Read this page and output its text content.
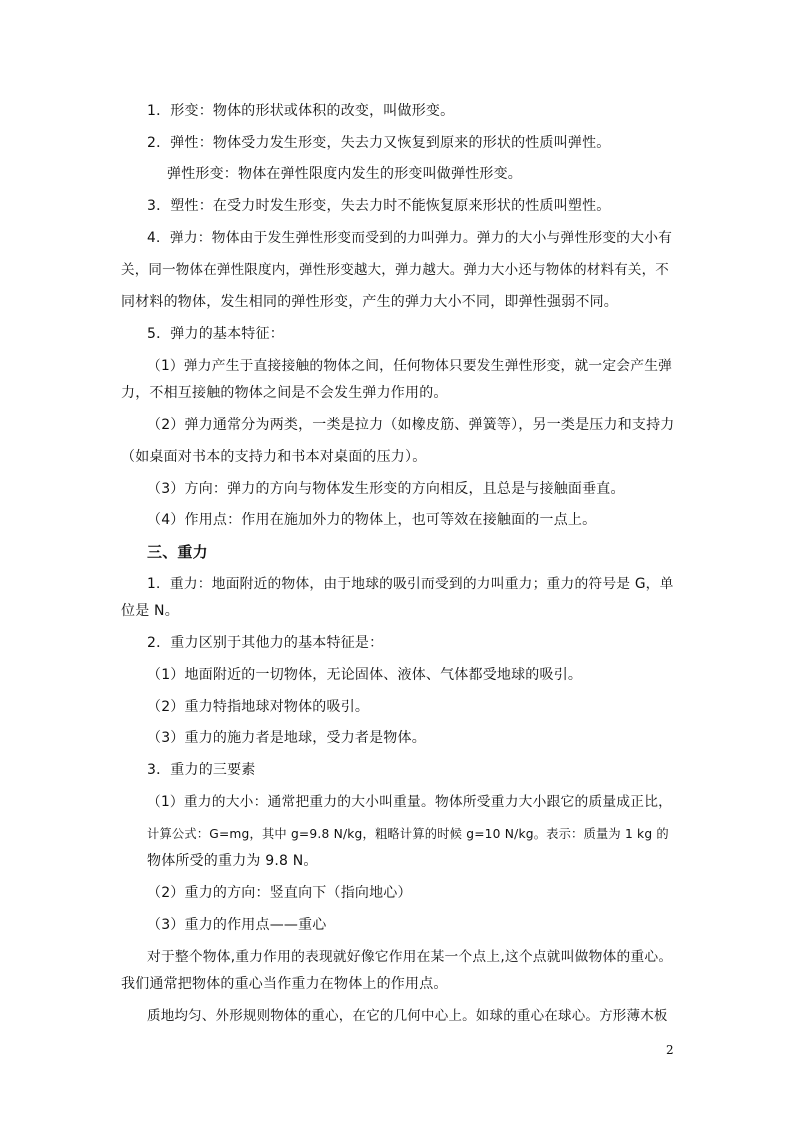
1．形变：物体的形状或体积的改变，叫做形变。
2．弹性：物体受力发生形变，失去力又恢复到原来的形状的性质叫弹性。
弹性形变：物体在弹性限度内发生的形变叫做弹性形变。
3．塑性：在受力时发生形变，失去力时不能恢复原来形状的性质叫塑性。
4．弹力：物体由于发生弹性形变而受到的力叫弹力。弹力的大小与弹性形变的大小有
关，同一物体在弹性限度内，弹性形变越大，弹力越大。弹力大小还与物体的材料有关，不
同材料的物体，发生相同的弹性形变，产生的弹力大小不同，即弹性强弱不同。
5．弹力的基本特征：
（1）弹力产生于直接接触的物体之间，任何物体只要发生弹性形变，就一定会产生弹
力，不相互接触的物体之间是不会发生弹力作用的。
（2）弹力通常分为两类，一类是拉力（如橡皮筋、弹簧等），另一类是压力和支持力
（如桌面对书本的支持力和书本对桌面的压力）。
（3）方向：弹力的方向与物体发生形变的方向相反，且总是与接触面垂直。
（4）作用点：作用在施加外力的物体上，也可等效在接触面的一点上。
三、重力
1．重力：地面附近的物体，由于地球的吸引而受到的力叫重力；重力的符号是 G，单
位是 N。
2．重力区别于其他力的基本特征是：
（1）地面附近的一切物体，无论固体、液体、气体都受地球的吸引。
（2）重力特指地球对物体的吸引。
（3）重力的施力者是地球，受力者是物体。
3．重力的三要素
（1）重力的大小：通常把重力的大小叫重量。物体所受重力大小跟它的质量成正比，
计算公式：G=mg，其中 g=9.8 N/kg，粗略计算的时候 g=10 N/kg。表示：质量为 1 kg 的
物体所受的重力为 9.8 N。
（2）重力的方向：竖直向下（指向地心）
（3）重力的作用点——重心
对于整个物体,重力作用的表现就好像它作用在某一个点上,这个点就叫做物体的重心。
我们通常把物体的重心当作重力在物体上的作用点。
质地均匀、外形规则物体的重心，在它的几何中心上。如球的重心在球心。方形薄木板
2
